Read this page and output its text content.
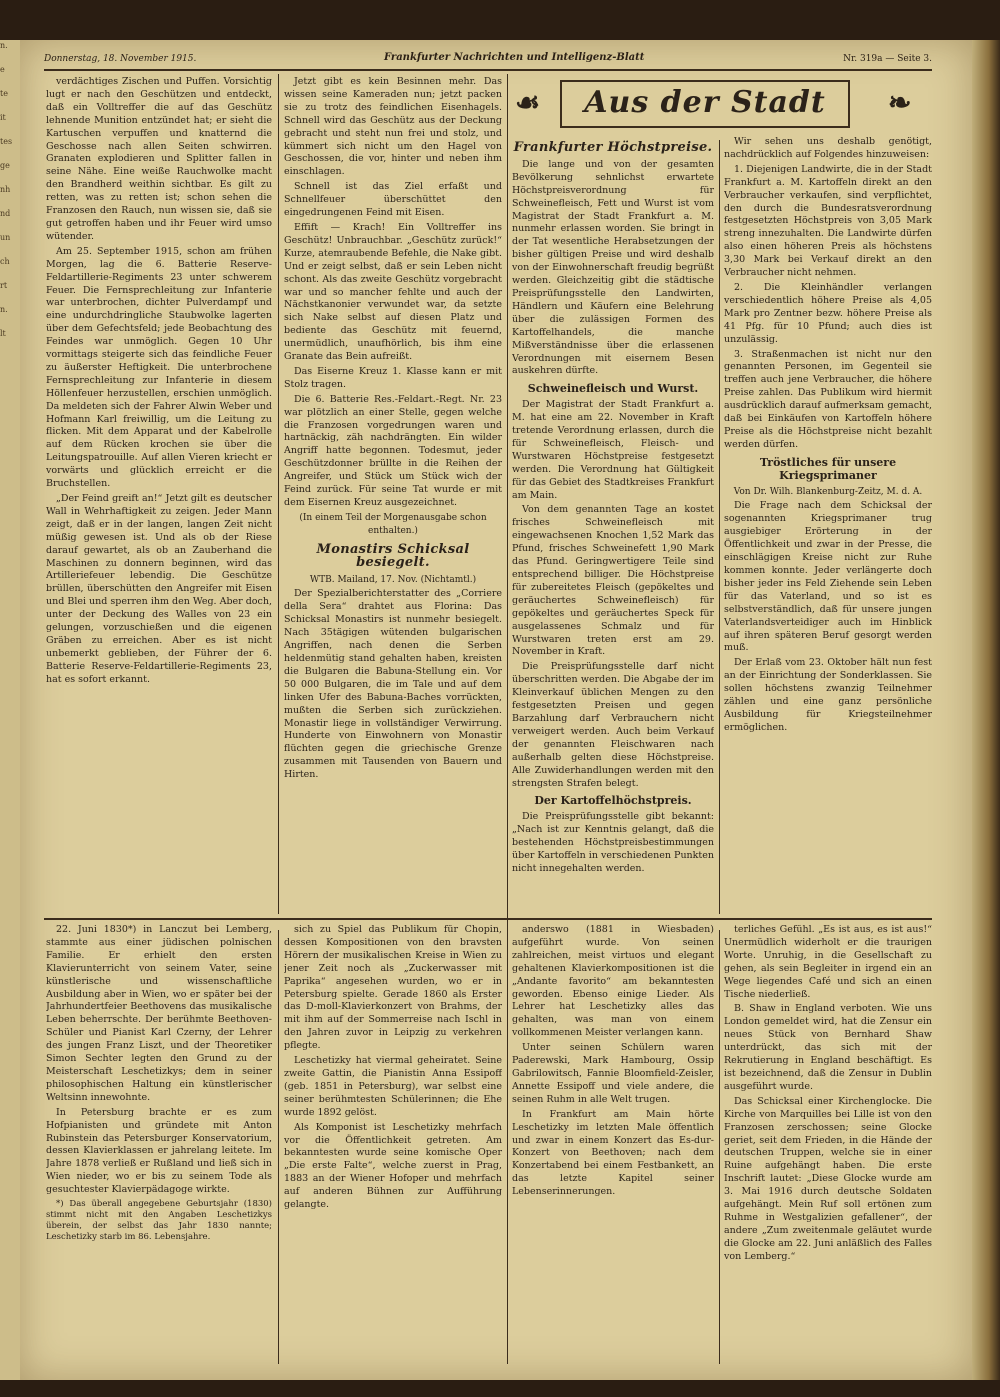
n.

e

te

it

tes

ge

nh

nd

un

ch

rt

n.

lt
Donnerstag, 18. November 1915.	Frankfurter Nachrichten und Intelligenz-Blatt	Nr. 319a — Seite 3.

verdächtiges Zischen und Puffen. Vorsichtig lugt er nach den Geschützen und entdeckt, daß ein Volltreffer die auf das Geschütz lehnende Munition entzündet hat; er sieht die Kartuschen verpuffen und knatternd die Geschosse nach allen Seiten schwirren. Granaten explodieren und Splitter fallen in seine Nähe. Eine weiße Rauchwolke macht den Brandherd weithin sichtbar. Es gilt zu retten, was zu retten ist; schon sehen die Franzosen den Rauch, nun wissen sie, daß sie gut getroffen haben und ihr Feuer wird umso wütender.

Am 25. September 1915, schon am frühen Morgen, lag die 6. Batterie Reserve-Feldartillerie-Regiments 23 unter schwerem Feuer. Die Fernsprechleitung zur Infanterie war unterbrochen, dichter Pulverdampf und eine undurchdringliche Staubwolke lagerten über dem Gefechtsfeld; jede Beobachtung des Feindes war unmöglich. Gegen 10 Uhr vormittags steigerte sich das feindliche Feuer zu äußerster Heftigkeit. Die unterbrochene Fernsprechleitung zur Infanterie in diesem Höllenfeuer herzustellen, erschien unmöglich. Da meldeten sich der Fahrer Alwin Weber und Hofmann Karl freiwillig, um die Leitung zu flicken. Mit dem Apparat und der Kabelrolle auf dem Rücken krochen sie über die Leitungspatrouille. Auf allen Vieren kriecht er vorwärts und glücklich erreicht er die Bruchstellen.

„Der Feind greift an!“ Jetzt gilt es deutscher Wall in Wehrhaftigkeit zu zeigen. Jeder Mann zeigt, daß er in der langen, langen Zeit nicht müßig gewesen ist. Und als ob der Riese darauf gewartet, als ob an Zauberhand die Maschinen zu donnern beginnen, wird das Artilleriefeuer lebendig. Die Geschütze brüllen, überschütten den Angreifer mit Eisen und Blei und sperren ihm den Weg. Aber doch, unter der Deckung des Walles von 23 ein gelungen, vorzuschießen und die eigenen Gräben zu erreichen. Aber es ist nicht unbemerkt geblieben, der Führer der 6. Batterie Reserve-Feldartillerie-Regiments 23, hat es sofort erkannt.

Jetzt gibt es kein Besinnen mehr. Das wissen seine Kameraden nun; jetzt packen sie zu trotz des feindlichen Eisenhagels. Schnell wird das Geschütz aus der Deckung gebracht und steht nun frei und stolz, und kümmert sich nicht um den Hagel von Geschossen, die vor, hinter und neben ihm einschlagen.

Schnell ist das Ziel erfaßt und Schnellfeuer überschüttet den eingedrungenen Feind mit Eisen.

Effift — Krach! Ein Volltreffer ins Geschütz! Unbrauchbar. „Geschütz zurück!“ Kurze, atemraubende Befehle, die Nake gibt. Und er zeigt selbst, daß er sein Leben nicht schont. Als das zweite Geschütz vorgebracht war und so mancher fehlte und auch der Nächstkanonier verwundet war, da setzte sich Nake selbst auf diesen Platz und bediente das Geschütz mit feuernd, unermüdlich, unaufhörlich, bis ihm eine Granate das Bein aufreißt.

Das Eiserne Kreuz 1. Klasse kann er mit Stolz tragen.

Die 6. Batterie Res.-Feldart.-Regt. Nr. 23 war plötzlich an einer Stelle, gegen welche die Franzosen vorgedrungen waren und hartnäckig, zäh nachdrängten. Ein wilder Angriff hatte begonnen. Todesmut, jeder Geschützdonner brüllte in die Reihen der Angreifer, und Stück um Stück wich der Feind zurück. Für seine Tat wurde er mit dem Eisernen Kreuz ausgezeichnet.

(In einem Teil der Morgenausgabe schon enthalten.)

Monastirs Schicksal besiegelt.

WTB. Mailand, 17. Nov. (Nichtamtl.)

Der Spezialberichterstatter des „Corriere della Sera“ drahtet aus Florina: Das Schicksal Monastirs ist nunmehr besiegelt. Nach 35tägigen wütenden bulgarischen Angriffen, nach denen die Serben heldenmütig stand gehalten haben, kreisten die Bulgaren die Babuna-Stellung ein. Vor 50 000 Bulgaren, die im Tale und auf dem linken Ufer des Babuna-Baches vorrückten, mußten die Serben sich zurückziehen. Monastir liege in vollständiger Verwirrung. Hunderte von Einwohnern von Monastir flüchten gegen die griechische Grenze zusammen mit Tausenden von Bauern und Hirten.

☙	Aus der Stadt	❧
Frankfurter Höchstpreise.

Die lange und von der gesamten Bevölkerung sehnlichst erwartete Höchstpreisverordnung für Schweinefleisch, Fett und Wurst ist vom Magistrat der Stadt Frankfurt a. M. nunmehr erlassen worden. Sie bringt in der Tat wesentliche Herabsetzungen der bisher gültigen Preise und wird deshalb von der Einwohnerschaft freudig begrüßt werden. Gleichzeitig gibt die städtische Preisprüfungsstelle den Landwirten, Händlern und Käufern eine Belehrung über die zulässigen Formen des Kartoffelhandels, die manche Mißverständnisse über die erlassenen Verordnungen mit eisernem Besen auskehren dürfte.

Schweinefleisch und Wurst.

Der Magistrat der Stadt Frankfurt a. M. hat eine am 22. November in Kraft tretende Verordnung erlassen, durch die für Schweinefleisch, Fleisch- und Wurstwaren Höchstpreise festgesetzt werden. Die Verordnung hat Gültigkeit für das Gebiet des Stadtkreises Frankfurt am Main.

Von dem genannten Tage an kostet frisches Schweinefleisch mit eingewachsenen Knochen 1,52 Mark das Pfund, frisches Schweinefett 1,90 Mark das Pfund. Geringwertigere Teile sind entsprechend billiger. Die Höchstpreise für zubereitetes Fleisch (gepökeltes und geräuchertes Schweinefleisch) für gepökeltes und geräuchertes Speck für ausgelassenes Schmalz und für Wurstwaren treten erst am 29. November in Kraft.

Die Preisprüfungsstelle darf nicht überschritten werden. Die Abgabe der im Kleinverkauf üblichen Mengen zu den festgesetzten Preisen und gegen Barzahlung darf Verbrauchern nicht verweigert werden. Auch beim Verkauf der genannten Fleischwaren nach außerhalb gelten diese Höchstpreise. Alle Zuwiderhandlungen werden mit den strengsten Strafen belegt.

Der Kartoffelhöchstpreis.

Die Preisprüfungsstelle gibt bekannt: „Nach ist zur Kenntnis gelangt, daß die bestehenden Höchstpreisbestimmungen über Kartoffeln in verschiedenen Punkten nicht innegehalten werden.

Wir sehen uns deshalb genötigt, nachdrücklich auf Folgendes hinzuweisen:

1. Diejenigen Landwirte, die in der Stadt Frankfurt a. M. Kartoffeln direkt an den Verbraucher verkaufen, sind verpflichtet, den durch die Bundesratsverordnung festgesetzten Höchstpreis von 3,05 Mark streng innezuhalten. Die Landwirte dürfen also einen höheren Preis als höchstens 3,30 Mark bei Verkauf direkt an den Verbraucher nicht nehmen.

2. Die Kleinhändler verlangen verschiedentlich höhere Preise als 4,05 Mark pro Zentner bezw. höhere Preise als 41 Pfg. für 10 Pfund; auch dies ist unzulässig.

3. Straßenmachen ist nicht nur den genannten Personen, im Gegenteil sie treffen auch jene Verbraucher, die höhere Preise zahlen. Das Publikum wird hiermit ausdrücklich darauf aufmerksam gemacht, daß bei Einkäufen von Kartoffeln höhere Preise als die Höchstpreise nicht bezahlt werden dürfen.

Tröstliches für unsere Kriegsprimaner

Von Dr. Wilh. Blankenburg-Zeitz, M. d. A.

Die Frage nach dem Schicksal der sogenannten Kriegsprimaner trug ausgiebiger Erörterung in der Öffentlichkeit und zwar in der Presse, die einschlägigen Kreise nicht zur Ruhe kommen konnte. Jeder verlängerte doch bisher jeder ins Feld Ziehende sein Leben für das Vaterland, und so ist es selbstverständlich, daß für unsere jungen Vaterlandsverteidiger auch im Hinblick auf ihren späteren Beruf gesorgt werden muß.

Der Erlaß vom 23. Oktober hält nun fest an der Einrichtung der Sonderklassen. Sie sollen höchstens zwanzig Teilnehmer zählen und eine ganz persönliche Ausbildung für Kriegsteilnehmer ermöglichen.

22. Juni 1830*) in Lanczut bei Lemberg, stammte aus einer jüdischen polnischen Familie. Er erhielt den ersten Klavierunterricht von seinem Vater, seine künstlerische und wissenschaftliche Ausbildung aber in Wien, wo er später bei der Jahrhundertfeier Beethovens das musikalische Leben beherrschte. Der berühmte Beethoven-Schüler und Pianist Karl Czerny, der Lehrer des jungen Franz Liszt, und der Theoretiker Simon Sechter legten den Grund zu der Meisterschaft Leschetizkys; dem in seiner philosophischen Haltung ein künstlerischer Weltsinn innewohnte.

In Petersburg brachte er es zum Hofpianisten und gründete mit Anton Rubinstein das Petersburger Konservatorium, dessen Klavierklassen er jahrelang leitete. Im Jahre 1878 verließ er Rußland und ließ sich in Wien nieder, wo er bis zu seinem Tode als gesuchtester Klavierpädagoge wirkte.

*) Das überall angegebene Geburtsjahr (1830) stimmt nicht mit den Angaben Leschetizkys überein, der selbst das Jahr 1830 nannte; Leschetizky starb im 86. Lebensjahre.

sich zu Spiel das Publikum für Chopin, dessen Kompositionen von den bravsten Hörern der musikalischen Kreise in Wien zu jener Zeit noch als „Zuckerwasser mit Paprika“ angesehen wurden, wo er in Petersburg spielte. Gerade 1860 als Erster das D-moll-Klavierkonzert von Brahms, der mit ihm auf der Sommerreise nach Ischl in den Jahren zuvor in Leipzig zu verkehren pflegte.

Leschetizky hat viermal geheiratet. Seine zweite Gattin, die Pianistin Anna Essipoff (geb. 1851 in Petersburg), war selbst eine seiner berühmtesten Schülerinnen; die Ehe wurde 1892 gelöst.

Als Komponist ist Leschetizky mehrfach vor die Öffentlichkeit getreten. Am bekanntesten wurde seine komische Oper „Die erste Falte“, welche zuerst in Prag, 1883 an der Wiener Hofoper und mehrfach auf anderen Bühnen zur Aufführung gelangte.

anderswo (1881 in Wiesbaden) aufgeführt wurde. Von seinen zahlreichen, meist virtuos und elegant gehaltenen Klavierkompositionen ist die „Andante favorito“ am bekanntesten geworden. Ebenso einige Lieder. Als Lehrer hat Leschetizky alles das gehalten, was man von einem vollkommenen Meister verlangen kann.

Unter seinen Schülern waren Paderewski, Mark Hambourg, Ossip Gabrilowitsch, Fannie Bloomfield-Zeisler, Annette Essipoff und viele andere, die seinen Ruhm in alle Welt trugen.

In Frankfurt am Main hörte Leschetizky im letzten Male öffentlich und zwar in einem Konzert das Es-dur-Konzert von Beethoven; nach dem Konzertabend bei einem Festbankett, an das letzte Kapitel seiner Lebenserinnerungen.

terliches Gefühl. „Es ist aus, es ist aus!“ Unermüdlich widerholt er die traurigen Worte. Unruhig, in die Gesellschaft zu gehen, als sein Begleiter in irgend ein an Wege liegendes Café und sich an einen Tische niederließ.

B. Shaw in England verboten. Wie uns London gemeldet wird, hat die Zensur ein neues Stück von Bernhard Shaw unterdrückt, das sich mit der Rekrutierung in England beschäftigt. Es ist bezeichnend, daß die Zensur in Dublin ausgeführt wurde.

Das Schicksal einer Kirchenglocke. Die Kirche von Marquilles bei Lille ist von den Franzosen zerschossen; seine Glocke geriet, seit dem Frieden, in die Hände der deutschen Truppen, welche sie in einer Ruine aufgehängt haben. Die erste Inschrift lautet: „Diese Glocke wurde am 3. Mai 1916 durch deutsche Soldaten aufgehängt. Mein Ruf soll ertönen zum Ruhme in Westgalizien gefallener“, der andere „Zum zweitenmale geläutet wurde die Glocke am 22. Juni anläßlich des Falles von Lemberg.“
